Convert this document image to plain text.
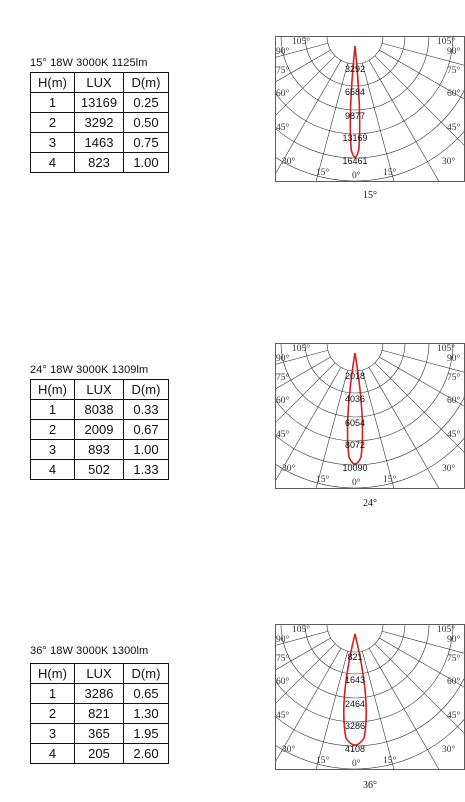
15° 18W 3000K 1125lm
H(m)	LUX	D(m)
1	13169	0.25
2	3292	0.50
3	1463	0.75
4	823	1.00
105°	105°
90°	90°
75°	75°
60°	60°
45°	45°
30°	30°
15°	15°
0°
3292
6584
9877
13169
16461
15°
24° 18W 3000K 1309lm
H(m)	LUX	D(m)
1	8038	0.33
2	2009	0.67
3	893	1.00
4	502	1.33
105°	105°
90°	90°
75°	75°
60°	60°
45°	45°
30°	30°
15°	15°
0°
2018
4036
6054
8072
10090
24°
36° 18W 3000K 1300lm
H(m)	LUX	D(m)
1	3286	0.65
2	821	1.30
3	365	1.95
4	205	2.60
105°	105°
90°	90°
75°	75°
60°	60°
45°	45°
30°	30°
15°	15°
0°
821
1643
2464
3286
4108
36°
